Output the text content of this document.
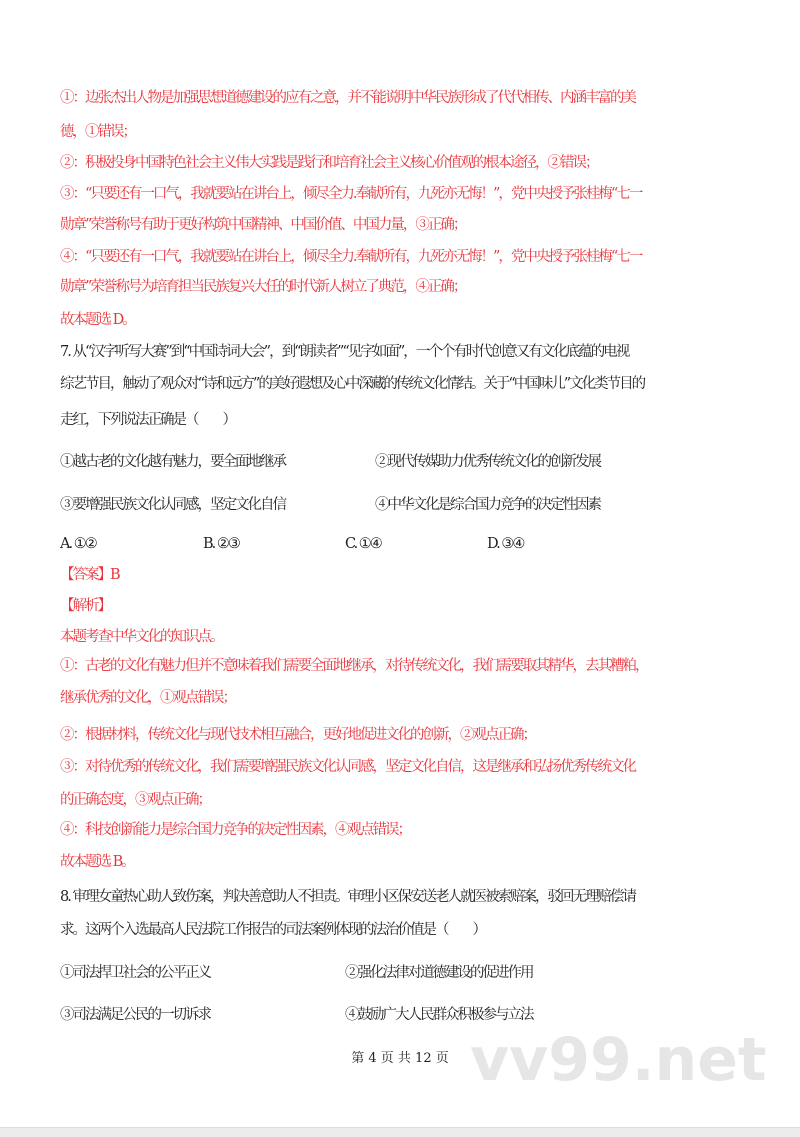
vv99.net
①：边张杰出人物是加强思想道德建设的应有之意，并不能说明中华民族形成了代代相传、内涵丰富的美
德，①错误；
②：积极投身中国特色社会主义伟大实践是践行和培育社会主义核心价值观的根本途径，②错误；
③：“只要还有一口气，我就要站在讲台上，倾尽全力.奉献所有，九死亦无悔！”，党中央授予张桂梅“七一
勋章”荣誉称号有助于更好构筑中国精神、中国价值、中国力量，③正确；
④：“只要还有一口气，我就要站在讲台上，倾尽全力.奉献所有，九死亦无悔！”，党中央授予张桂梅“七一
勋章”荣誉称号为培育担当民族复兴大任的时代新人树立了典范，④正确；
故本题选 D。
7. 从“汉字听写大赛”到“中国诗词大会”，到“朗读者”“见字如面”，一个个有时代创意又有文化底蕴的电视
综艺节目，触动了观众对“诗和远方”的美好遐想及心中深藏的传统文化情结。关于“中国味儿”文化类节目的
走红，下列说法正确是（　　）
①越古老的文化越有魅力，要全面地继承	②现代传媒助力优秀传统文化的创新发展
③要增强民族文化认同感，坚定文化自信	④中华文化是综合国力竞争的决定性因素
A. ①②	B. ②③	C. ①④	D. ③④
【答案】B
【解析】
本题考查中华文化的知识点。
①：古老的文化有魅力但并不意味着我们需要全面地继承，对待传统文化，我们需要取其精华，去其糟粕，
继承优秀的文化，①观点错误；
②：根据材料，传统文化与现代技术相互融合，更好地促进文化的创新，②观点正确；
③：对待优秀的传统文化，我们需要增强民族文化认同感，坚定文化自信，这是继承和弘扬优秀传统文化
的正确态度，③观点正确；
④：科技创新能力是综合国力竞争的决定性因素，④观点错误；
故本题选 B。
8. 审理女童热心助人致伤案，判决善意助人不担责。审理小区保安送老人就医被索赔案，驳回无理赔偿请
求。这两个入选最高人民法院工作报告的司法案例体现的法治价值是（　　）
①司法捍卫社会的公平正义	②强化法律对道德建设的促进作用
③司法满足公民的一切诉求	④鼓励广大人民群众积极参与立法
第 4 页 共 12 页
